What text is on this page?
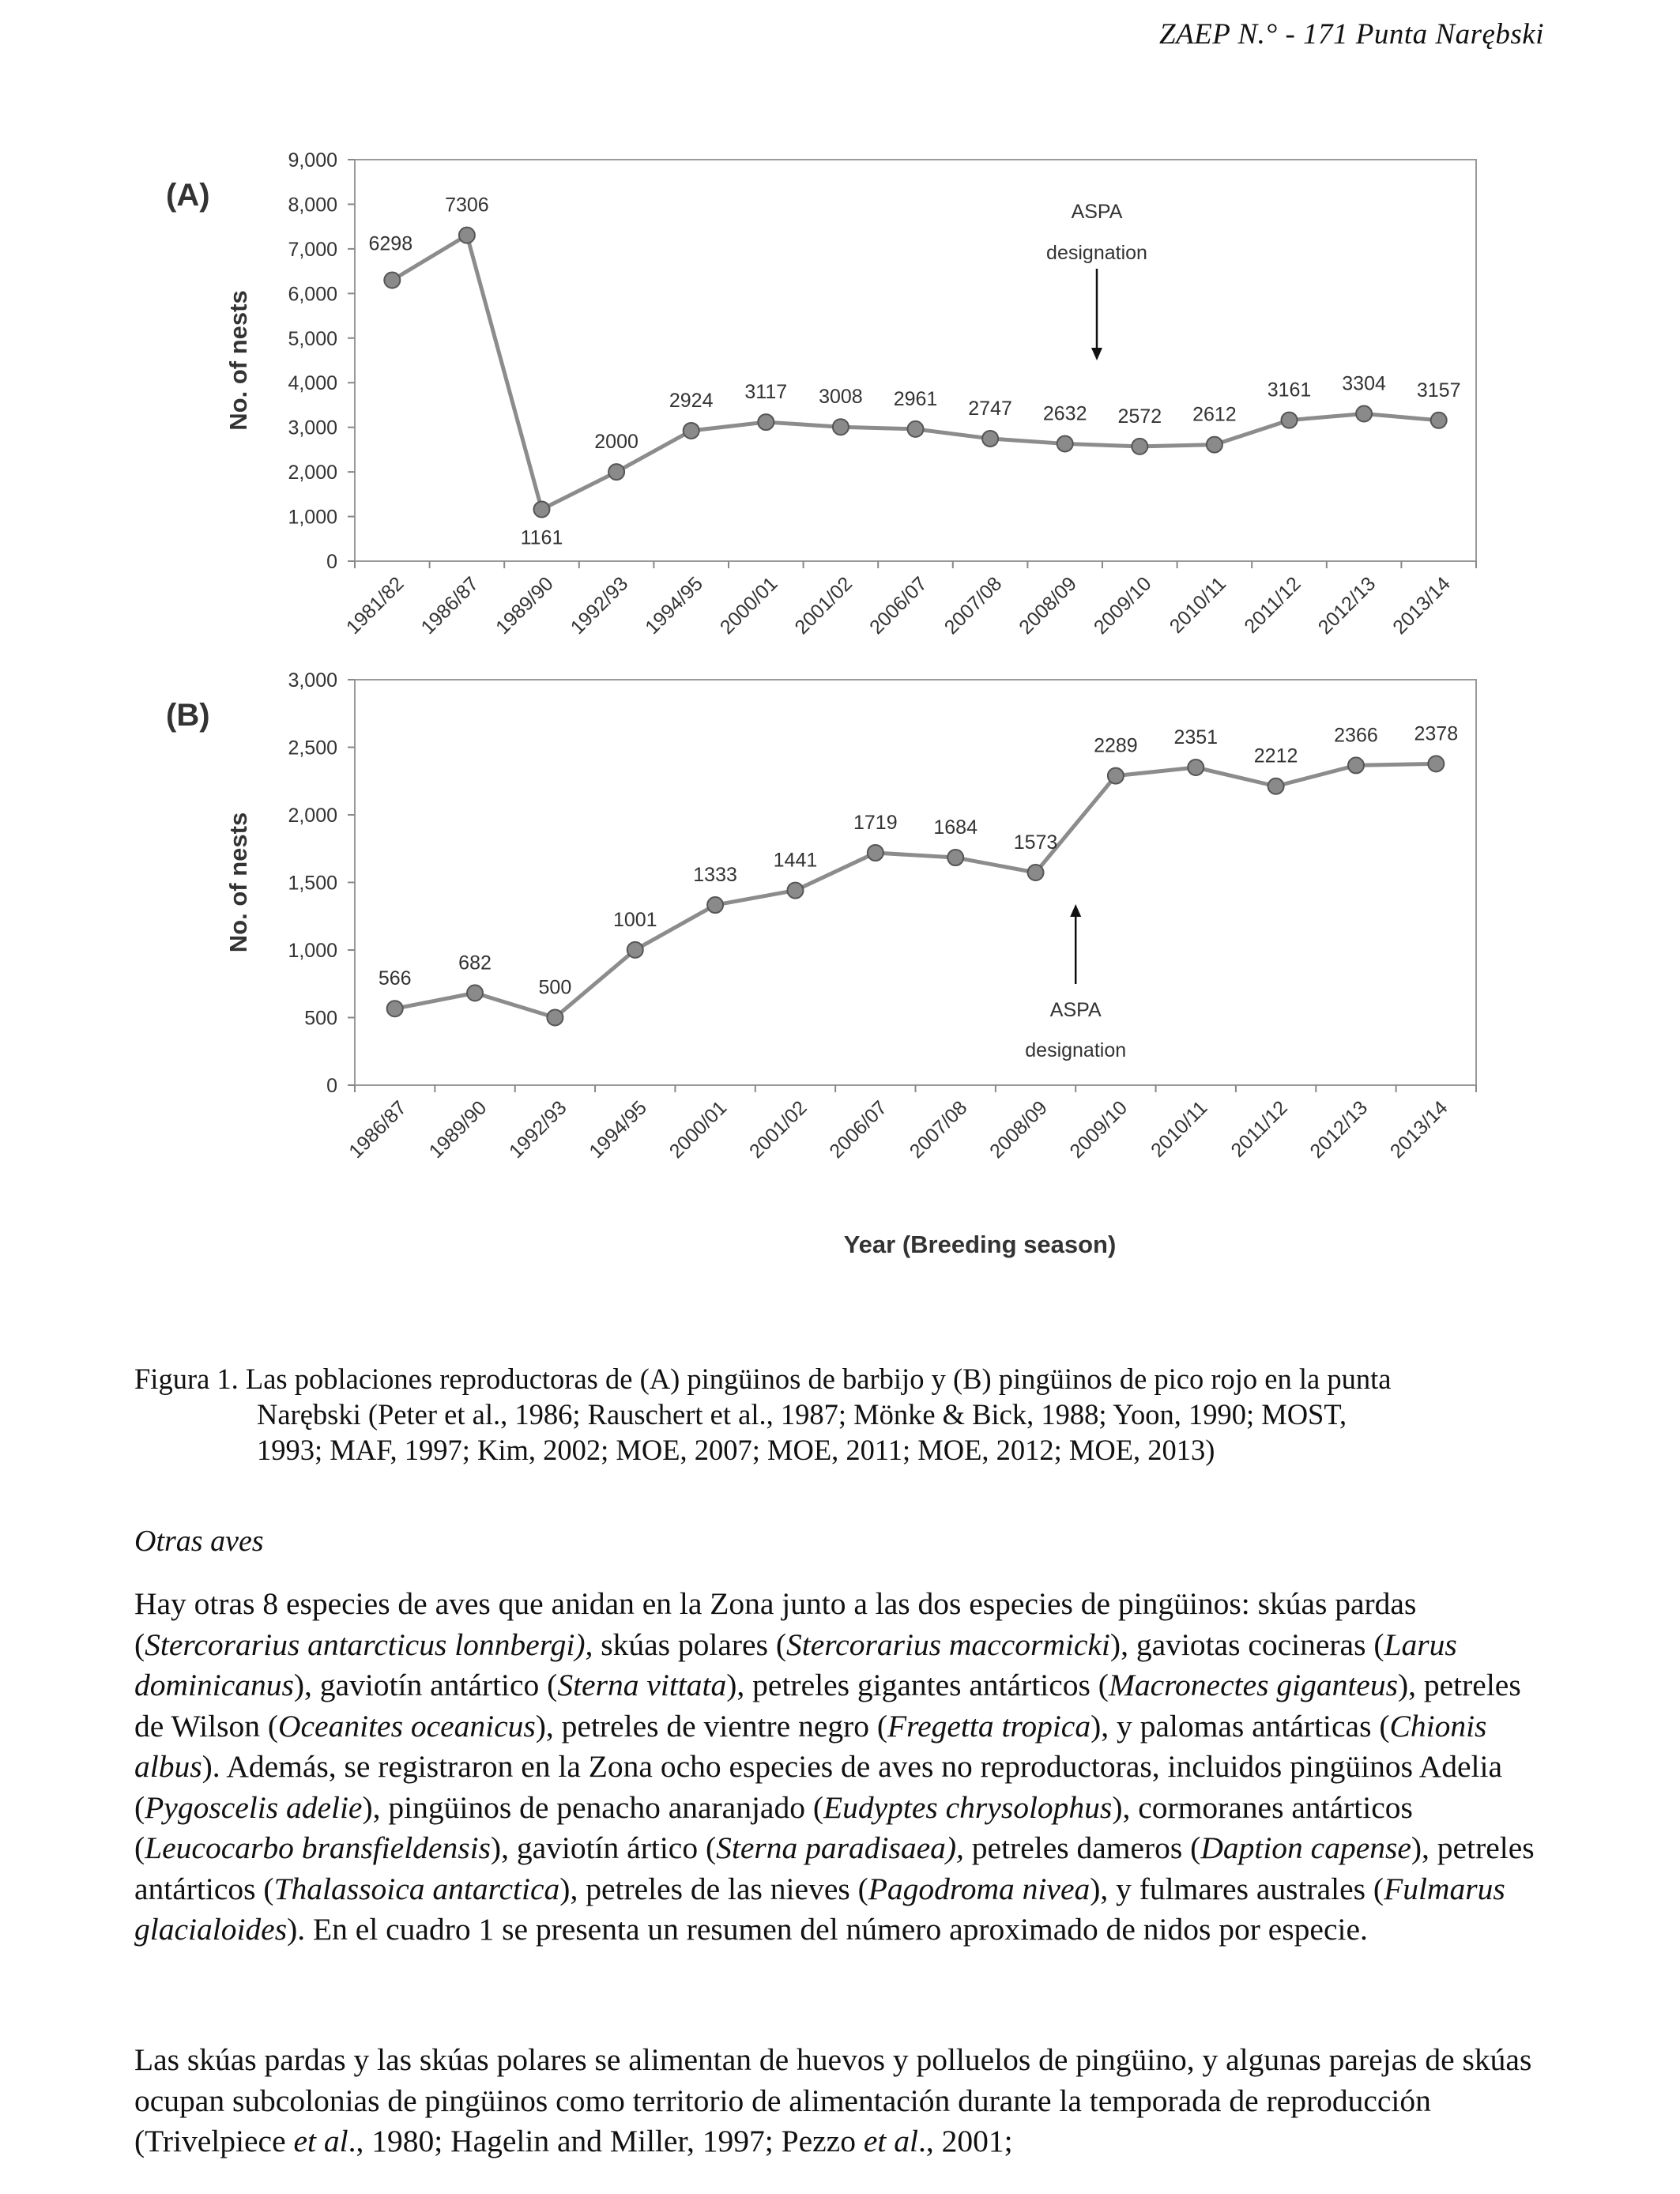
ZAEP N.° - 171 Punta Narębski
0
1,000
2,000
3,000
4,000
5,000
6,000
7,000
8,000
9,000
1981/82 1986/87 1989/90 1992/93 1994/95 2000/01 2001/02 2006/07 2007/08 2008/09 2009/10 2010/11 2011/12 2012/13 2013/14
No. of nests
(A)
6298
7306
1161
2000
2924 3117 3008 2961 2747 2632 2572 2612
3161 3304 3157
ASPA
designation
0
500
1,000
1,500
2,000
2,500
3,000
1986/87 1989/90 1992/93 1994/95 2000/01 2001/02 2006/07 2007/08 2008/09 2009/10 2010/11 2011/12 2012/13 2013/14
No. of nests
(B)
566
682
500
1001
1333
1441
1719 1684
1573
2289 2351
2212
2366 2378
ASPA
designation
Year (Breeding season)
Figura 1. Las poblaciones reproductoras de (A) pingüinos de barbijo y (B) pingüinos de pico rojo en la punta
Narębski (Peter et al., 1986; Rauschert et al., 1987; Mönke & Bick, 1988; Yoon, 1990; MOST,
1993; MAF, 1997; Kim, 2002; MOE, 2007; MOE, 2011; MOE, 2012; MOE, 2013)
Otras aves
Hay otras 8 especies de aves que anidan en la Zona junto a las dos especies de pingüinos: skúas pardas (Stercorarius antarcticus lonnbergi), skúas polares (Stercorarius maccormicki), gaviotas cocineras (Larus dominicanus), gaviotín antártico (Sterna vittata), petreles gigantes antárticos (Macronectes giganteus), petreles de Wilson (Oceanites oceanicus), petreles de vientre negro (Fregetta tropica), y palomas antárticas (Chionis albus). Además, se registraron en la Zona ocho especies de aves no reproductoras, incluidos pingüinos Adelia (Pygoscelis adelie), pingüinos de penacho anaranjado (Eudyptes chrysolophus), cormoranes antárticos (Leucocarbo bransfieldensis), gaviotín ártico (Sterna paradisaea), petreles dameros (Daption capense), petreles antárticos (Thalassoica antarctica), petreles de las nieves (Pagodroma nivea), y fulmares australes (Fulmarus glacialoides). En el cuadro 1 se presenta un resumen del número aproximado de nidos por especie.
Las skúas pardas y las skúas polares se alimentan de huevos y polluelos de pingüino, y algunas parejas de skúas ocupan subcolonias de pingüinos como territorio de alimentación durante la temporada de reproducción (Trivelpiece et al., 1980; Hagelin and Miller, 1997; Pezzo et al., 2001;
